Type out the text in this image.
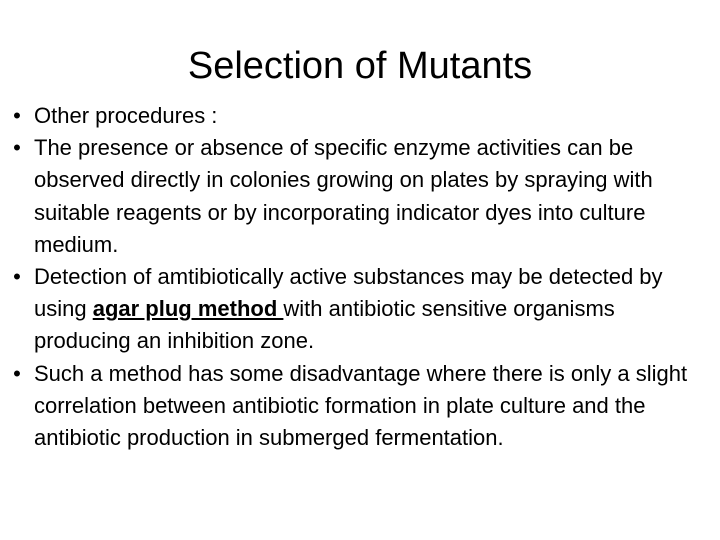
Selection of Mutants
• Other procedures :
• The presence or absence of specific enzyme activities can be observed directly in colonies growing on plates by spraying with suitable reagents or by incorporating indicator dyes into culture medium.
• Detection of amtibiotically active substances may be detected by using agar plug method with antibiotic sensitive organisms producing an inhibition zone.
• Such a method has some disadvantage where there is only a slight correlation between antibiotic formation in plate culture and the antibiotic production in submerged fermentation.
